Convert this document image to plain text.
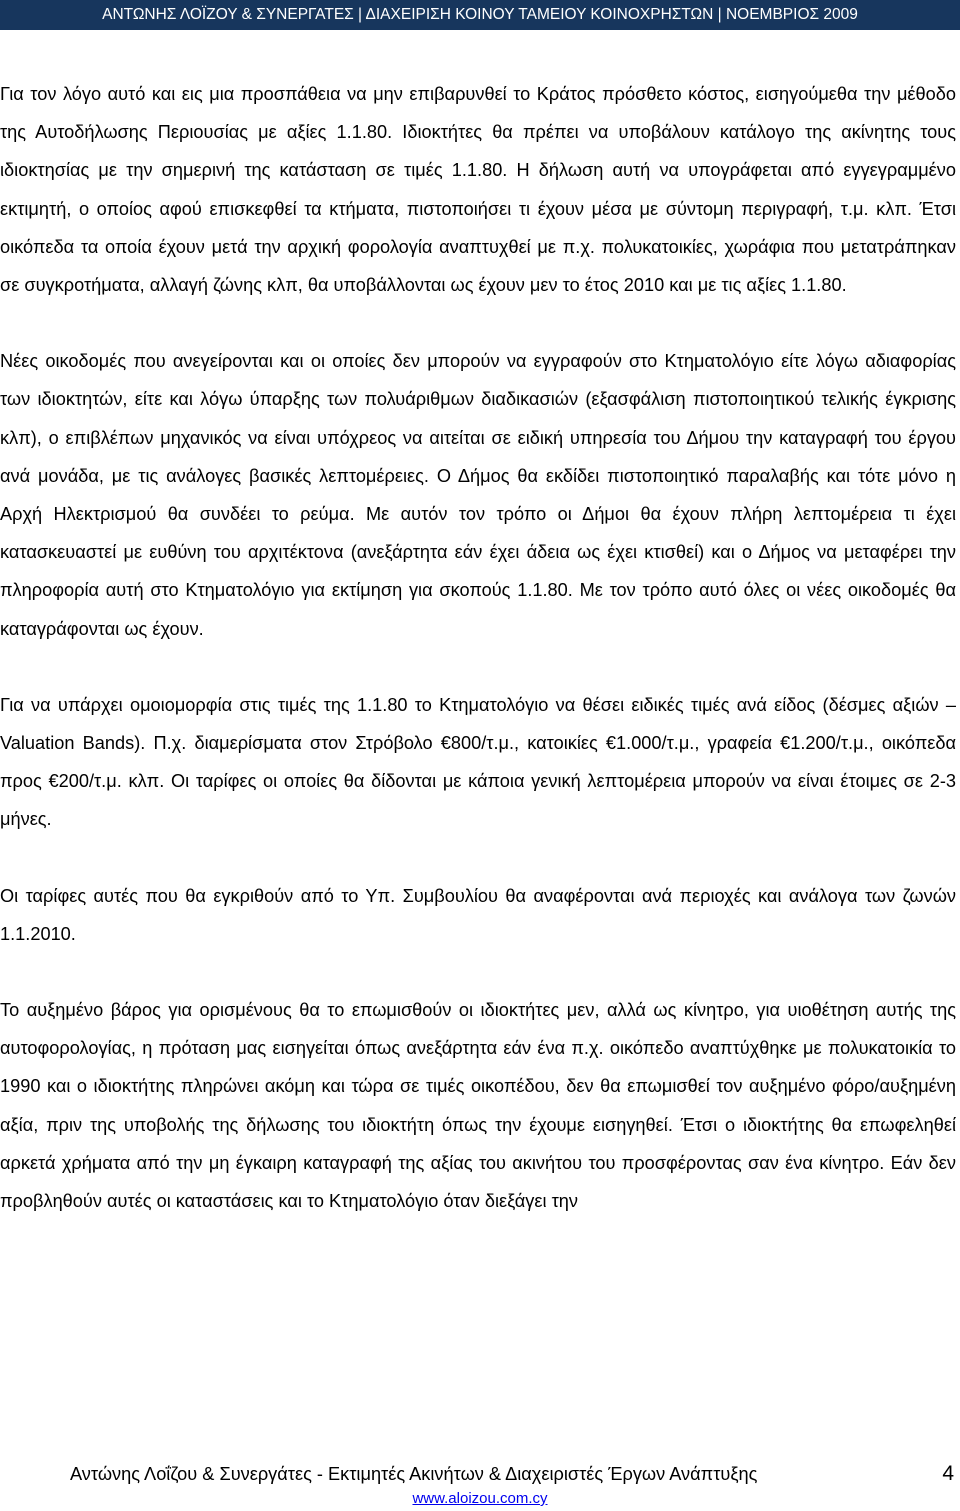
ΑΝΤΩΝΗΣ ΛΟΪΖΟΥ & ΣΥΝΕΡΓΑΤΕΣ | ΔΙΑΧΕΙΡΙΣΗ ΚΟΙΝΟΥ ΤΑΜΕΙΟΥ ΚΟΙΝΟΧΡΗΣΤΩΝ | ΝΟΕΜΒΡΙΟΣ 2009

Για τον λόγο αυτό και εις μια προσπάθεια να μην επιβαρυνθεί το Κράτος πρόσθετο κόστος, εισηγούμεθα την μέθοδο της Αυτοδήλωσης Περιουσίας με αξίες 1.1.80. Ιδιοκτήτες θα πρέπει να υποβάλουν κατάλογο της ακίνητης τους ιδιοκτησίας με την σημερινή της κατάσταση σε τιμές 1.1.80. Η δήλωση αυτή να υπογράφεται από εγγεγραμμένο εκτιμητή, ο οποίος αφού επισκεφθεί τα κτήματα, πιστοποιήσει τι έχουν μέσα με σύντομη περιγραφή, τ.μ. κλπ. Έτσι οικόπεδα τα οποία έχουν μετά την αρχική φορολογία αναπτυχθεί με π.χ. πολυκατοικίες, χωράφια που μετατράπηκαν σε συγκροτήματα, αλλαγή ζώνης κλπ, θα υποβάλλονται ως έχουν μεν το έτος 2010 και με τις αξίες 1.1.80.

Νέες οικοδομές που ανεγείρονται και οι οποίες δεν μπορούν να εγγραφούν στο Κτηματολόγιο είτε λόγω αδιαφορίας των ιδιοκτητών, είτε και λόγω ύπαρξης των πολυάριθμων διαδικασιών (εξασφάλιση πιστοποιητικού τελικής έγκρισης κλπ), ο επιβλέπων μηχανικός να είναι υπόχρεος να αιτείται σε ειδική υπηρεσία του Δήμου την καταγραφή του έργου ανά μονάδα, με τις ανάλογες βασικές λεπτομέρειες. Ο Δήμος θα εκδίδει πιστοποιητικό παραλαβής και τότε μόνο η Αρχή Ηλεκτρισμού θα συνδέει το ρεύμα. Με αυτόν τον τρόπο οι Δήμοι θα έχουν πλήρη λεπτομέρεια τι έχει κατασκευαστεί με ευθύνη του αρχιτέκτονα (ανεξάρτητα εάν έχει άδεια ως έχει κτισθεί) και ο Δήμος να μεταφέρει την πληροφορία αυτή στο Κτηματολόγιο για εκτίμηση για σκοπούς 1.1.80. Με τον τρόπο αυτό όλες οι νέες οικοδομές θα καταγράφονται ως έχουν.

Για να υπάρχει ομοιομορφία στις τιμές της 1.1.80 το Κτηματολόγιο να θέσει ειδικές τιμές ανά είδος (δέσμες αξιών – Valuation Bands). Π.χ. διαμερίσματα στον Στρόβολο €800/τ.μ., κατοικίες €1.000/τ.μ., γραφεία €1.200/τ.μ., οικόπεδα προς €200/τ.μ. κλπ. Οι ταρίφες οι οποίες θα δίδονται με κάποια γενική λεπτομέρεια μπορούν να είναι έτοιμες σε 2-3 μήνες.

Οι ταρίφες αυτές που θα εγκριθούν από το Υπ. Συμβουλίου θα αναφέρονται ανά περιοχές και ανάλογα των ζωνών 1.1.2010.

Το αυξημένο βάρος για ορισμένους θα το επωμισθούν οι ιδιοκτήτες μεν, αλλά ως κίνητρο, για υιοθέτηση αυτής της αυτοφορολογίας, η πρόταση μας εισηγείται όπως ανεξάρτητα εάν ένα π.χ. οικόπεδο αναπτύχθηκε με πολυκατοικία το 1990 και ο ιδιοκτήτης πληρώνει ακόμη και τώρα σε τιμές οικοπέδου, δεν θα επωμισθεί τον αυξημένο φόρο/αυξημένη αξία, πριν της υποβολής της δήλωσης του ιδιοκτήτη όπως την έχουμε εισηγηθεί. Έτσι ο ιδιοκτήτης θα επωφεληθεί αρκετά χρήματα από την μη έγκαιρη καταγραφή της αξίας του ακινήτου του προσφέροντας σαν ένα κίνητρο. Εάν δεν προβληθούν αυτές οι καταστάσεις και το Κτηματολόγιο όταν διεξάγει την

Αντώνης Λοΐζου & Συνεργάτες - Εκτιμητές Ακινήτων & Διαχειριστές Έργων Ανάπτυξης	4
www.aloizou.com.cy
